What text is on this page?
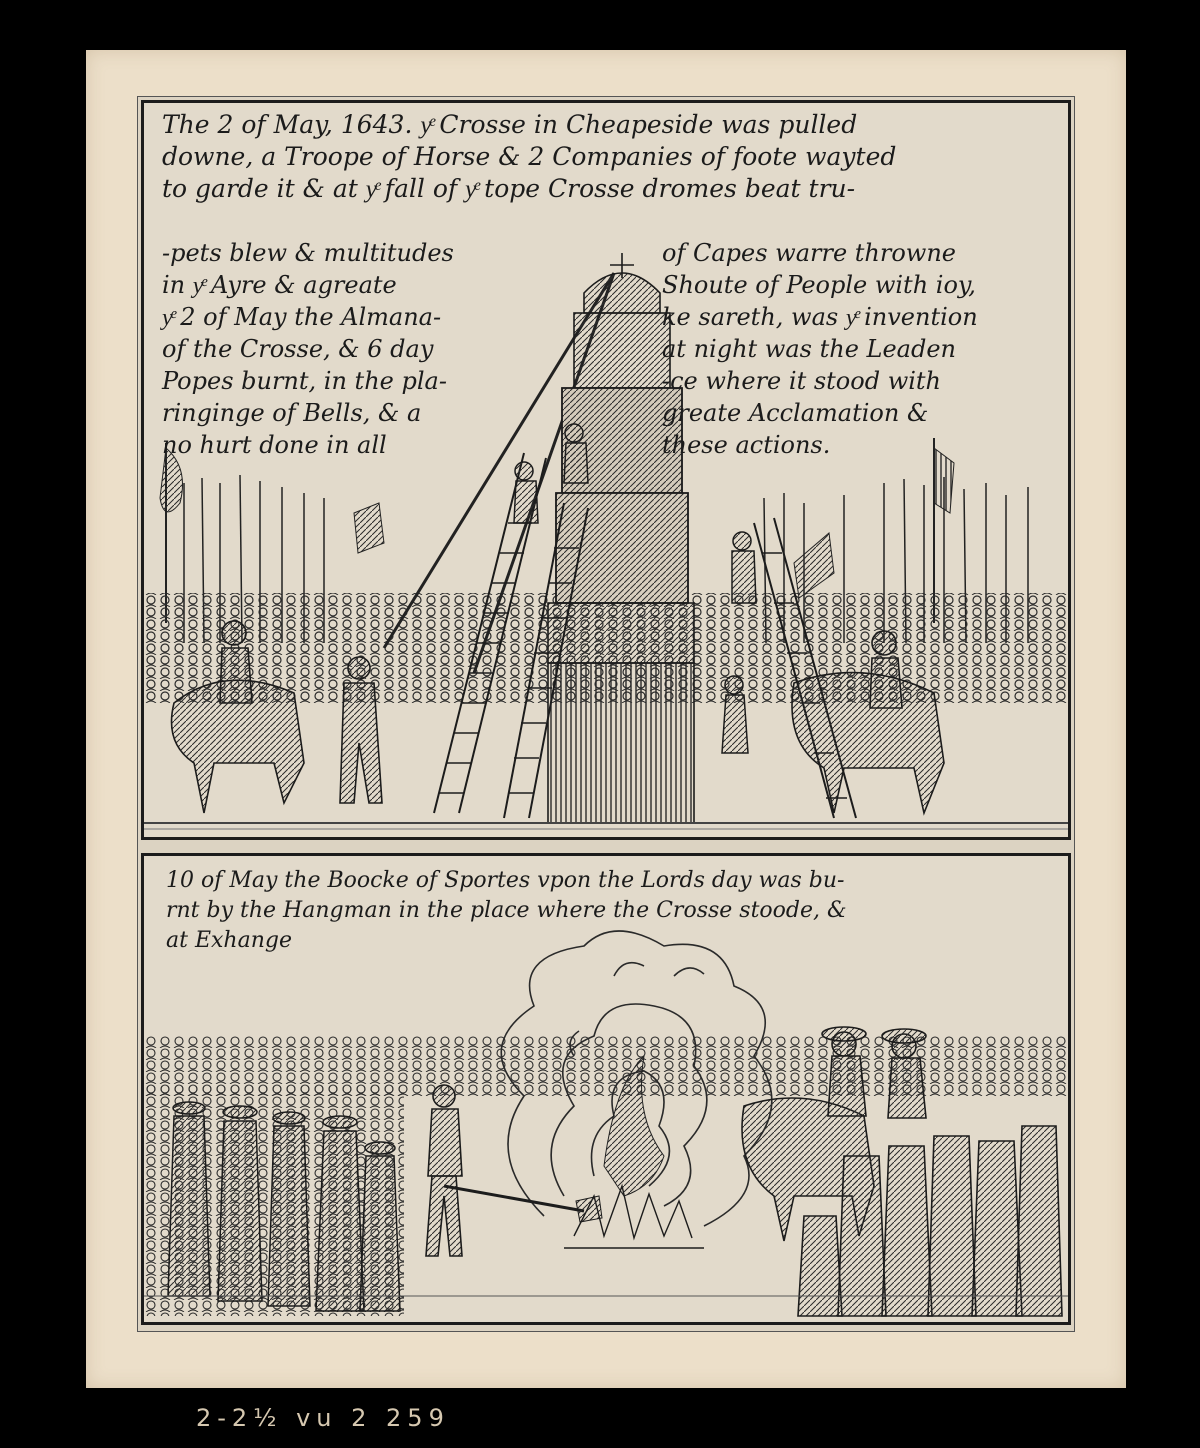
The 2 of May, 1643. yͤ Crosse in Cheapeside was pulled
downe, a Troope of Horse & 2 Companies of foote wayted
to garde it & at yͤ fall of yͤ tope Crosse dromes beat tru-
-pets blew & multitudes
in yͤ Ayre & agreate
yͤ 2 of May the Almana-
of the Crosse, & 6 day
Popes burnt, in the pla-
ringinge of Bells, & a
no hurt done in all
of Capes warre throwne
Shoute of People with ioy,
ke sareth, was yͤ invention
at night was the Leaden
-ce where it stood with
greate Acclamation &
these actions.
10 of May the Boocke of Sportes vpon the Lords day was bu-
rnt by the Hangman in the place where the Crosse stoode, &
at Exhange
2-2½ vu 2 259
